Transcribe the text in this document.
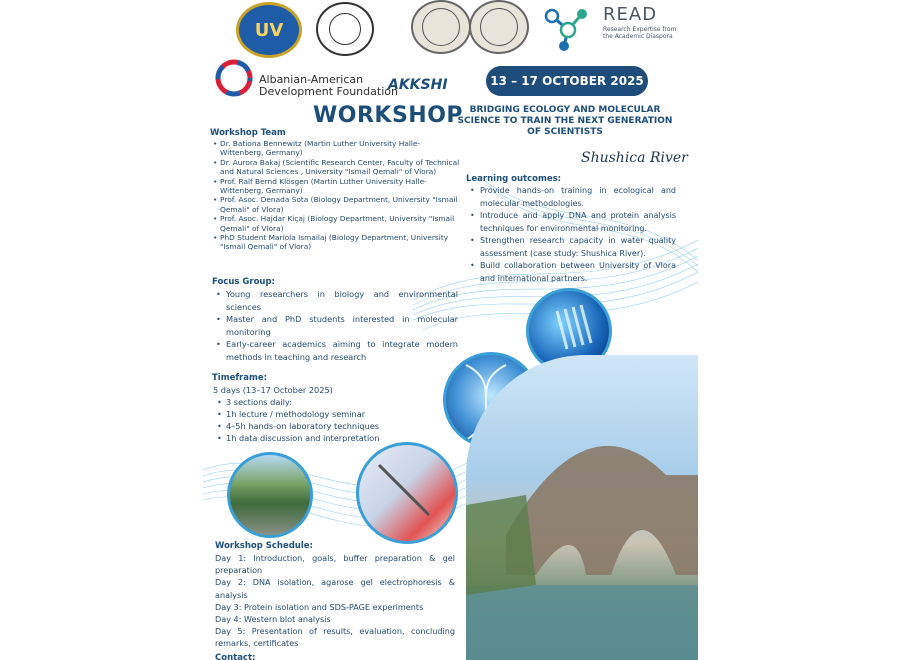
UV
READ
Research Expertise from
the Academic Diaspora
Albanian-American
Development Foundation
AKKSHI	13 – 17 OCTOBER 2025
WORKSHOP BRIDGING ECOLOGY AND MOLECULAR SCIENCE TO TRAIN THE NEXT GENERATION OF SCIENTISTS
Shushica River
Workshop Team
• Dr. Bationa Bennewitz (Martin Luther University Halle-Wittenberg, Germany)
• Dr. Aurora Bakaj (Scientific Research Center, Faculty of Technical and Natural Sciences , University "Ismail Qemali" of Vlora)
• Prof. Ralf Bernd Klösgen (Martin Luther University Halle-Wittenberg, Germany)
• Prof. Asoc. Denada Sota (Biology Department, University "Ismail Qemali" of Vlora)
• Prof. Asoc. Hajdar Kiçaj (Biology Department, University "Ismail Qemali" of Vlora)
• PhD Student Mariola Ismailaj (Biology Department, University "Ismail Qemali" of Vlora)
Learning outcomes:
• Provide hands-on training in ecological and molecular methodologies.
• Introduce and apply DNA and protein analysis techniques for environmental monitoring.
• Strengthen research capacity in water quality assessment (case study: Shushica River).
• Build collaboration between University of Vlora and international partners.
Focus Group:
• Young researchers in biology and environmental sciences
• Master and PhD students interested in molecular monitoring
• Early-career academics aiming to integrate modern methods in teaching and research
Timeframe:
5 days (13–17 October 2025)
• 3 sections daily:
• 1h lecture / methodology seminar
• 4–5h hands-on laboratory techniques
• 1h data discussion and interpretation
Workshop Schedule:
Day 1: Introduction, goals, buffer preparation & gel preparation
Day 2: DNA isolation, agarose gel electrophoresis & analysis
Day 3: Protein isolation and SDS-PAGE experiments
Day 4: Western blot analysis
Day 5: Presentation of results, evaluation, concluding remarks, certificates
Contact:
